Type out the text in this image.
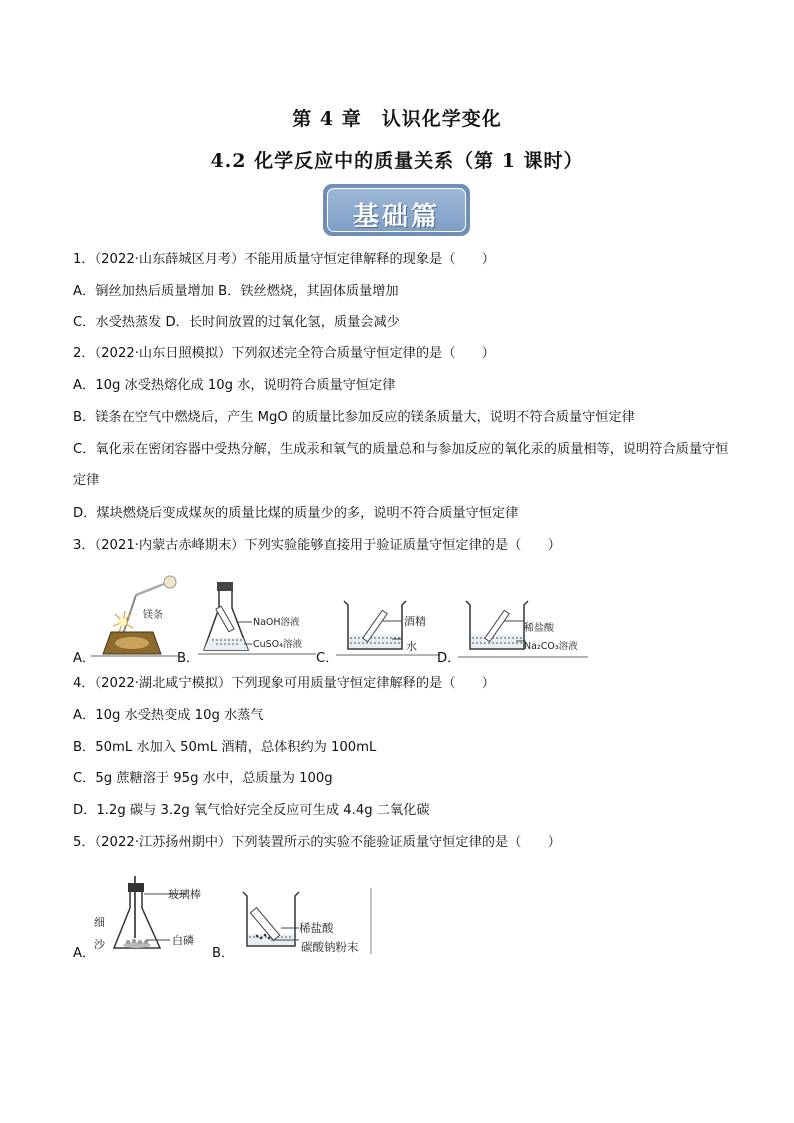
第 4 章　认识化学变化
4.2 化学反应中的质量关系（第 1 课时）
基础篇
1．（2022·山东薛城区月考）不能用质量守恒定律解释的现象是（　　）
A．铜丝加热后质量增加 B．铁丝燃烧，其固体质量增加
C．水受热蒸发 D．长时间放置的过氧化氢，质量会减少
2．（2022·山东日照模拟）下列叙述完全符合质量守恒定律的是（　　）
A．10g 冰受热熔化成 10g 水，说明符合质量守恒定律
B．镁条在空气中燃烧后，产生 MgO 的质量比参加反应的镁条质量大，说明不符合质量守恒定律
C．氧化汞在密闭容器中受热分解，生成汞和氧气的质量总和与参加反应的氧化汞的质量相等，说明符合质量守恒定律
D．煤块燃烧后变成煤灰的质量比煤的质量少的多，说明不符合质量守恒定律
3．（2021·内蒙古赤峰期末）下列实验能够直接用于验证质量守恒定律的是（　　）
A．
镁条
B．
NaOH溶液
CuSO₄溶液
C．
酒精
水
D．
稀盐酸
Na₂CO₃溶液
4．（2022·湖北咸宁模拟）下列现象可用质量守恒定律解释的是（　　）
A．10g 水受热变成 10g 水蒸气
B．50mL 水加入 50mL 酒精，总体积约为 100mL
C．5g 蔗糖溶于 95g 水中，总质量为 100g
D．1.2g 碳与 3.2g 氧气恰好完全反应可生成 4.4g 二氧化碳
5．（2022·江苏扬州期中）下列装置所示的实验不能验证质量守恒定律的是（　　）
A．
玻璃棒
细
沙	白磷
B．
稀盐酸
碳酸钠粉末
